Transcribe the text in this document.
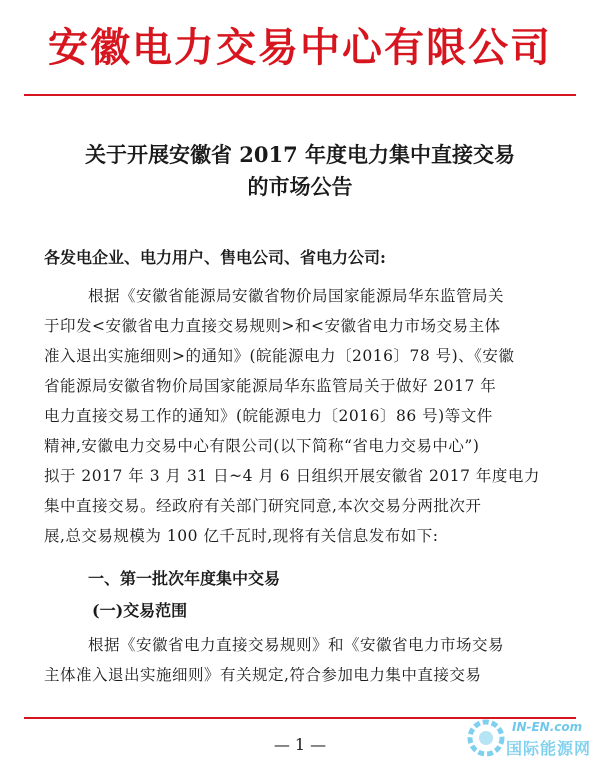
安徽电力交易中心有限公司
关于开展安徽省 2017 年度电力集中直接交易
的市场公告
各发电企业、电力用户、售电公司、省电力公司:
根据《安徽省能源局安徽省物价局国家能源局华东监管局关
于印发<安徽省电力直接交易规则>和<安徽省电力市场交易主体
准入退出实施细则>的通知》(皖能源电力〔2016〕78 号)、《安徽
省能源局安徽省物价局国家能源局华东监管局关于做好 2017 年
电力直接交易工作的通知》(皖能源电力〔2016〕86 号)等文件
精神,安徽电力交易中心有限公司(以下简称“省电力交易中心”)
拟于 2017 年 3 月 31 日~4 月 6 日组织开展安徽省 2017 年度电力
集中直接交易。经政府有关部门研究同意,本次交易分两批次开
展,总交易规模为 100 亿千瓦时,现将有关信息发布如下:
一、第一批次年度集中交易
(一)交易范围
根据《安徽省电力直接交易规则》和《安徽省电力市场交易
主体准入退出实施细则》有关规定,符合参加电力集中直接交易
— 1 —
IN-EN.com
国际能源网
